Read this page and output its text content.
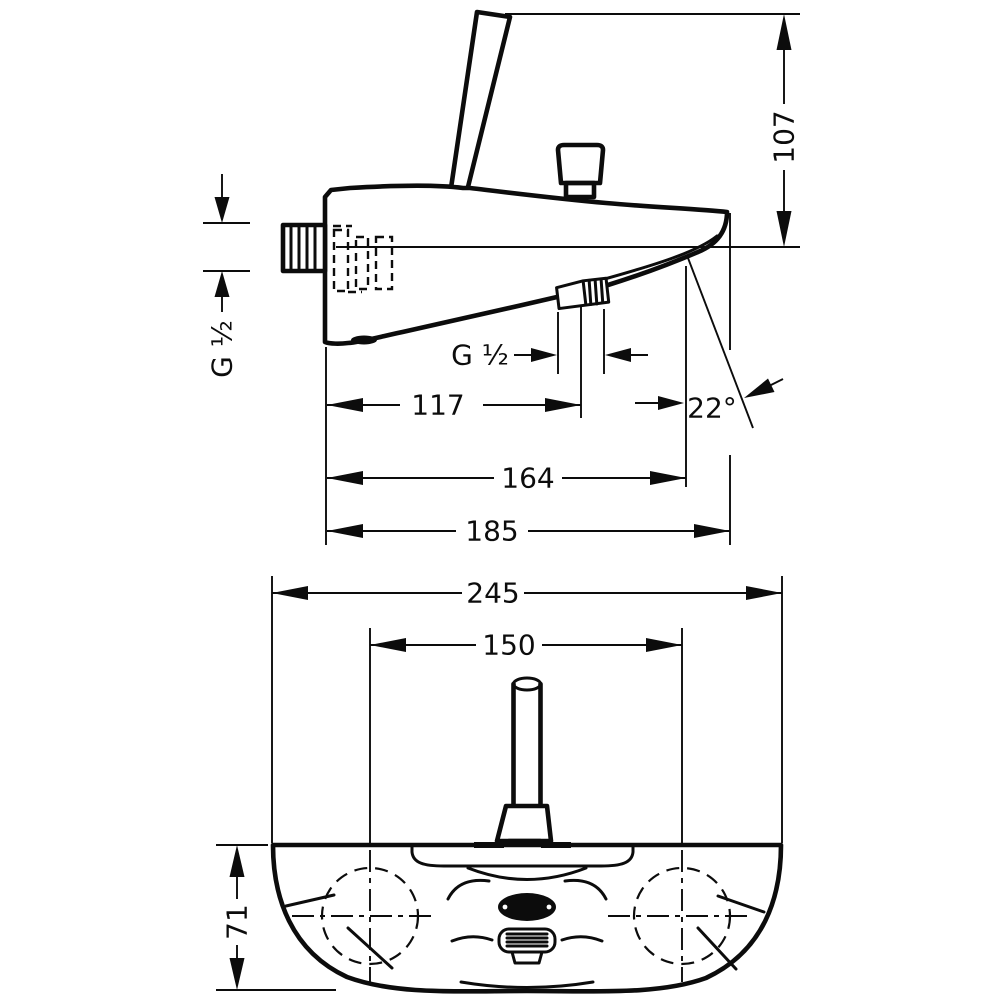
107
G ½	G ½
117	22°
164
185
245
150
71
